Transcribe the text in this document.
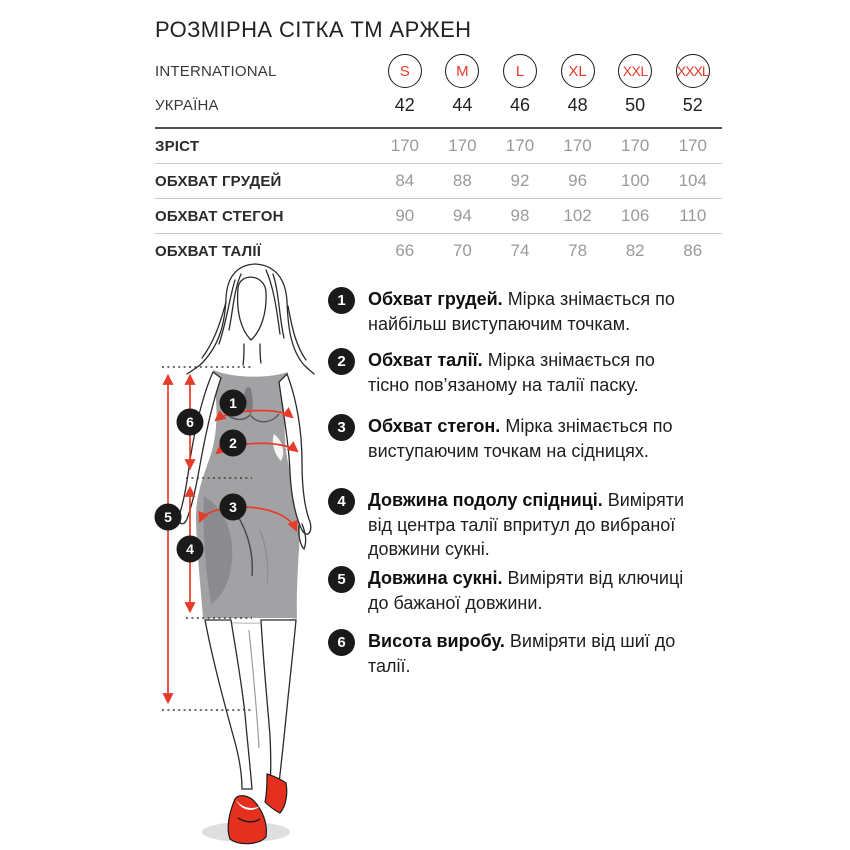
РОЗМІРНА СІТКА ТМ АРЖЕН
INTERNATIONAL	S	M	L	XL	XXL XXXL
УКРАЇНА	42	44	46	48	50	52
ЗРІСТ	170	170	170	170	170	170
ОБХВАТ ГРУДЕЙ	84	88	92	96	100	104
ОБХВАТ СТЕГОН	90	94	98	102	106	110
ОБХВАТ ТАЛІЇ	66	70	74	78	82	86
1	Обхват грудей. Мірка знімається по найбільш виступаючим точкам.
2	Обхват талії. Мірка знімається по тісно пов’язаному на талії паску.
3	Обхват стегон. Мірка знімається по виступаючим точкам на сідницях.
4	Довжина подолу спідниці. Виміряти від центра талії впритул до вибраної довжини сукні.
5	Довжина сукні. Виміряти від ключиці до бажаної довжини.
6	Висота виробу. Виміряти від шиї до талії.
1
2
3
4
5
6
